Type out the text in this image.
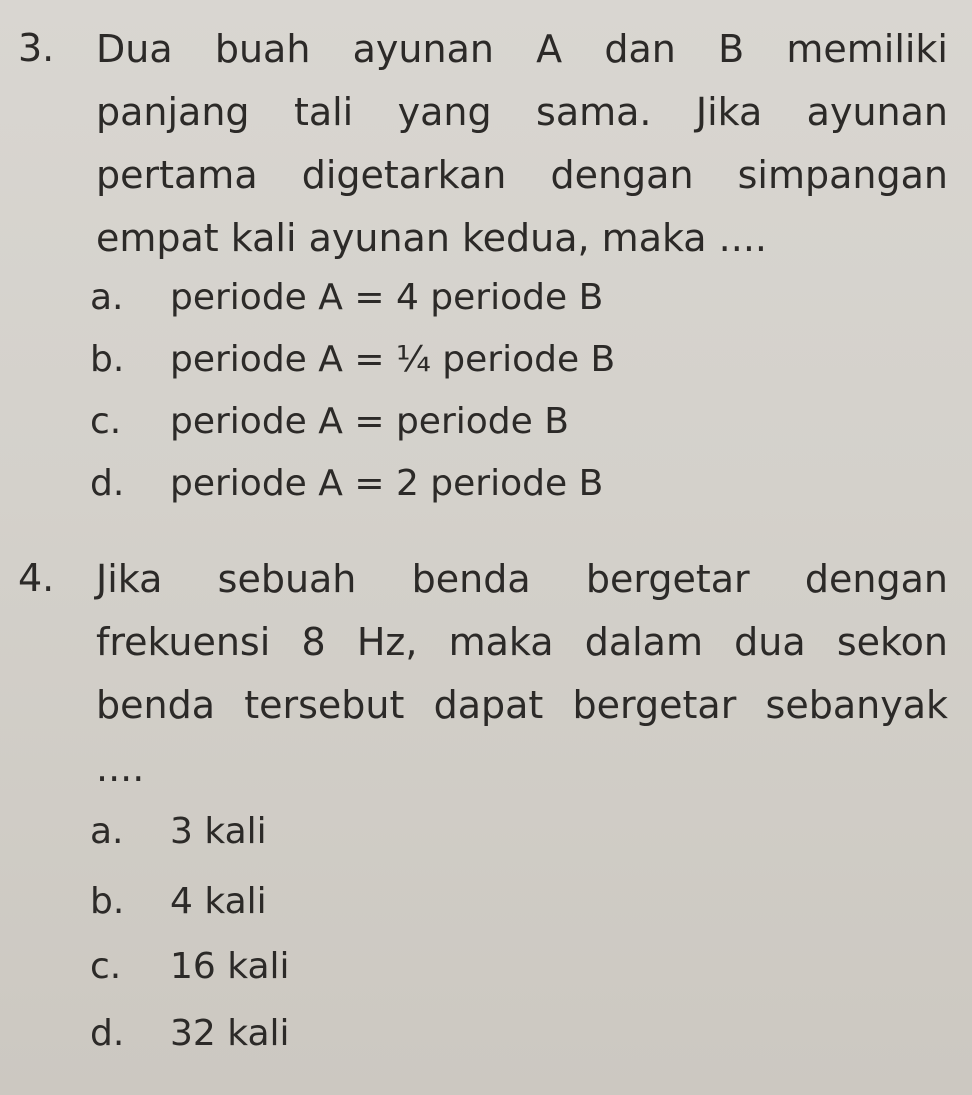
3. Dua buah ayunan A dan B memiliki
panjang tali yang sama. Jika ayunan
pertama digetarkan dengan simpangan
empat kali ayunan kedua, maka ....
a. periode A = 4 periode B
b. periode A = ¼ periode B
c. periode A = periode B
d. periode A = 2 periode B
4. Jika sebuah benda bergetar dengan
frekuensi 8 Hz, maka dalam dua sekon
benda tersebut dapat bergetar sebanyak
....
a. 3 kali
b. 4 kali
c. 16 kali
d. 32 kali
